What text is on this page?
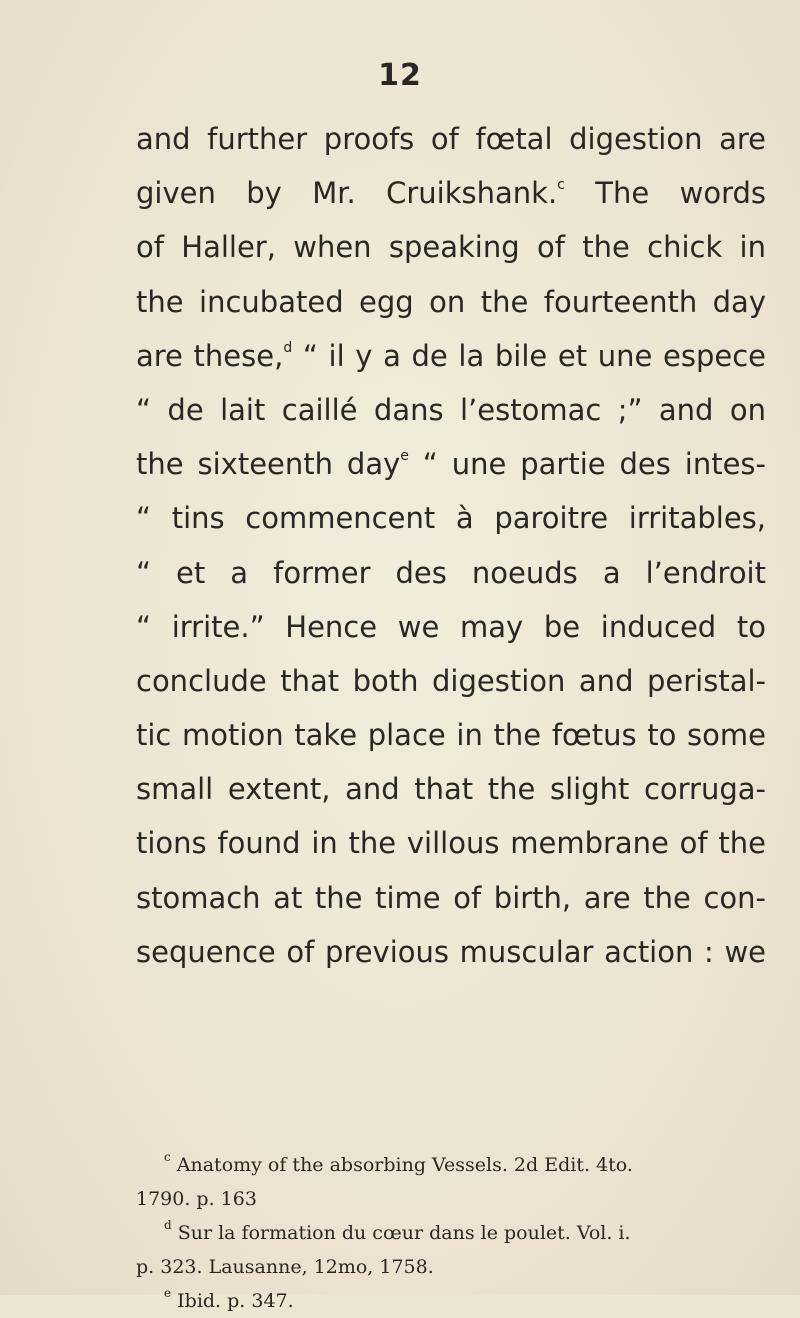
12
and further proofs of fœtal digestion are
given by Mr. Cruikshank.$^c$ The words
of Haller, when speaking of the chick in
the incubated egg on the fourteenth day
are these,$^d$ “ il y a de la bile et une espece
“ de lait caillé dans l’estomac ;” and on
the sixteenth day$^e$ “ une partie des intes-
“ tins commencent à paroitre irritables,
“ et a former des noeuds a l’endroit
“ irrite.” Hence we may be induced to
conclude that both digestion and peristal-
tic motion take place in the fœtus to some
small extent, and that the slight corruga-
tions found in the villous membrane of the
stomach at the time of birth, are the con-
sequence of previous muscular action : we
$^c$ Anatomy of the absorbing Vessels. 2d Edit. 4to.
1790. p. 163
$^d$ Sur la formation du cœur dans le poulet. Vol. i.
p. 323. Lausanne, 12mo, 1758.
$^e$ Ibid. p. 347.
